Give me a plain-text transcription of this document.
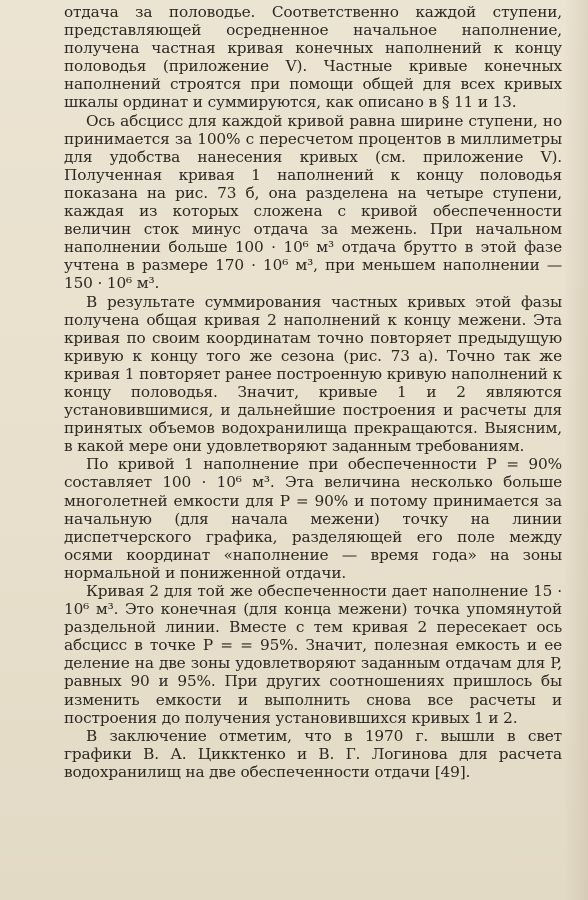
отдача за половодье. Соответственно каждой ступени, представляющей осредненное начальное наполнение, получена частная кривая конечных наполнений к концу половодья (приложение V). Частные кривые конечных наполнений строятся при помощи общей для всех кривых шкалы ординат и суммируются, как описано в § 11 и 13.

Ось абсцисс для каждой кривой равна ширине ступени, но принимается за 100% с пересчетом процентов в миллиметры для удобства нанесения кривых (см. приложение V). Полученная кривая 1 наполнений к концу половодья показана на рис. 73 б, она разделена на четыре ступени, каждая из которых сложена с кривой обеспеченности величин сток минус отдача за межень. При начальном наполнении больше 100 · 10⁶ м³ отдача брутто в этой фазе учтена в размере 170 · 10⁶ м³, при меньшем наполнении — 150 · 10⁶ м³.

В результате суммирования частных кривых этой фазы получена общая кривая 2 наполнений к концу межени. Эта кривая по своим координатам точно повторяет предыдущую кривую к концу того же сезона (рис. 73 а). Точно так же кривая 1 повторяет ранее построенную кривую наполнений к концу половодья. Значит, кривые 1 и 2 являются установившимися, и дальнейшие построения и расчеты для принятых объемов водохранилища прекращаются. Выясним, в какой мере они удовлетворяют заданным требованиям.

По кривой 1 наполнение при обеспеченности P = 90% составляет 100 · 10⁶ м³. Эта величина несколько больше многолетней емкости для P = 90% и потому принимается за начальную (для начала межени) точку на линии диспетчерского графика, разделяющей его поле между осями координат «наполнение — время года» на зоны нормальной и пониженной отдачи.

Кривая 2 для той же обеспеченности дает наполнение 15 · 10⁶ м³. Это конечная (для конца межени) точка упомянутой раздельной линии. Вместе с тем кривая 2 пересекает ось абсцисс в точке P = = 95%. Значит, полезная емкость и ее деление на две зоны удовлетворяют заданным отдачам для P, равных 90 и 95%. При других соотношениях пришлось бы изменить емкости и выполнить снова все расчеты и построения до получения установившихся кривых 1 и 2.

В заключение отметим, что в 1970 г. вышли в свет графики В. А. Цикктенко и В. Г. Логинова для расчета водохранилищ на две обеспеченности отдачи [49].
